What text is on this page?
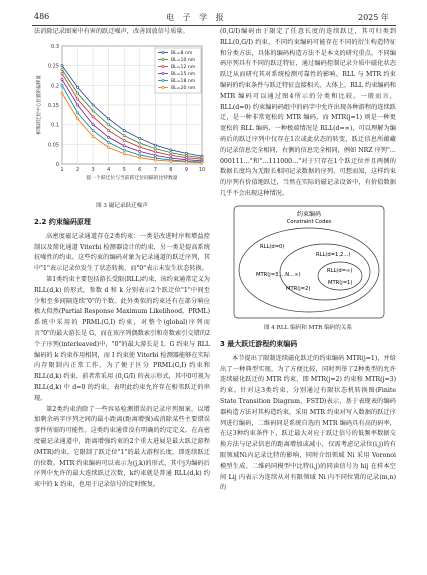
486	电 子 学 报	2025 年

法消除记录图案中有害的跃迁噪声，改善回放信号质量。

0
0.05
0.1
0.15
0.2
0.25
0.3
1 2 3 4 5 6 7 8 9 10
BL=8 nm
BL=10 nm
BL=12 nm
BL=15 nm
BL=18 nm
BL=20 nm
相邻跃迁位中心位置的偏移量
提一个跃迁位与当前跃迁位间隔的比特数量
图 3 磁记录跃迁噪声
2.2 约束编码原理

高密度磁记录通道存在2类约束：一类是改进时序和增益控制以及简化通道 Viterbi 检测器设计的约束，另一类是提高系统抗噪性的约束。这些约束的编码对象为记录通道的跃迁序列，其中"1"表示记录位发生了状态转换，而"0"表示未发生状态转换。

第1类约束主要包括游长受限(RLL)约束，该约束通常定义为 RLL(d,k) 的形式，参数 d 和 k 分别表示2个跃迁位"1"中间至少和至多间隔连续"0"的个数。此外类似的约束还有在部分响应极大似然(Partial Response Maximum Likelihood，PRML)系统中采用的 PRML(G,I) 约束，对整个(global)序列而言"0"的最大游长是 G，而在该序列偶数索引和奇数索引交错的2个子序列(interleaved)中，"0"的最大游长是 I。G 约束与 RLL 编码的 k 约束作用相同，而 I 约束使 Viterbi 检测器能够在实际内存限制内正常工作。为了便于区分 PRML(G,I) 约束和 RLL(d,k) 约束，前者常采用 (0,G/I) 的表示形式，其中0可视为 RLL(d,k) 中 d=0 的约束，表明此约束允许存在相邻跃迁的串现。

第2类约束消除了一些容易检测错误的记录序列图案，以增加剩余码字序列之间的最小距离(距离增强)或消除某些主要错误事件所需的可能性。这类约束通常没有明确的约定定义。在高密度磁记录通道中，距离增强约束的2个重大进展是最大跃迁游程(MTR)约束，它限制了跃迁位"1"的最大游程长度，即连续跃迁的位数。MTR 约束编码可以表示为(j,k)的形式，其中j为编码后序列中允许的最大连续跃迁次数，k约束就是普通 RLL(d,k) 约束中的 k 约束，也用于记录信号的定时恢复。

(0,G/I)编码由于限定了任意长度的连续跃迁，其可归类到 RLL(0,G/I) 约束，不同约束编码可能存在不同的衍生构造特征和分类方法，具体的编码构造方法不是本文的研究重点。不同编码序列具有不同的跃迁特征，通过编码控制记录介质中磁化状态跃迁从而研究其对系统检测可靠性的影响。RLL 与 MTR 约束编码的约束条件与跃迁特征直接相关，大体上，RLL 约束编码和 MTR 编码可以通过图4所示的分类和比较。一般而言，RLL(d=0) 约束编码码组中的码字中允许出现各种游程的连续跃迁，是一种非常宽松的 MTR 编码，而 MTR(j=1) 则是一种更宽松的 RLL 编码，一种极端情况是 RLL(d=∞)，可以理解为编码后的跃迁序列中仅存在1次或此状态的转变，跃迁信息所蕴藏的记录信息完全相同，右侧的信息完全相同，例如 NRZ 序列"…000111…"和"…111000…"对于只存在1个跃迁位并且两侧的数据长度均为无限长相同记录数据的序列。可想而知，这样约束的序列有价值地跃迁，当然在实际的磁记录设备中，有价值数据几乎不会出现这种情况。

约束编码
Constraint Codes
RLL(d=0)
RLL(d=1,2…)
RLL(d=∞)
MTR(j=3,…N…∞)
MTR(j=2)
MTR(j=1)
图 4 RLL 编码和 MTR 编码的关系
3 最大跃迁游程约束编码

本节提出了限制连续磁化跃迁的约束编码 MTR(j=1)，并给出了一种典型实现，为了方便比较，同时列举了2种类型的允许连续磁化跃迁的 MTR 约束，即 MTR(j=2) 约束和 MTR(j=3) 约束。针对这3类约束，分别通过有限状态机转换图(Finite State Transition Diagram，FSTD)表示，基于表现表的编码器构造方法对其构造约束，采用 MTR 约束对写入数据的跃迁序列进行编码，二维码同是系统自选的 MTR 编码具有高的码率，在这3种约束条件下，跃迁最大对应于跃迁信号的低频率数据交换方法与记录信息的距离增加或减小，仅需考虑记录位(i,j)的有限领域Ni内记录比特的影响，同时介绍领域 Ni 采用 Voronoi 模型生成。二维码同模型中比特(i,j)的同读信号为 hij 在样本空间 Lij 内表示为连续从对有限领域 Ni 内不同位置的记录(m,n)的
